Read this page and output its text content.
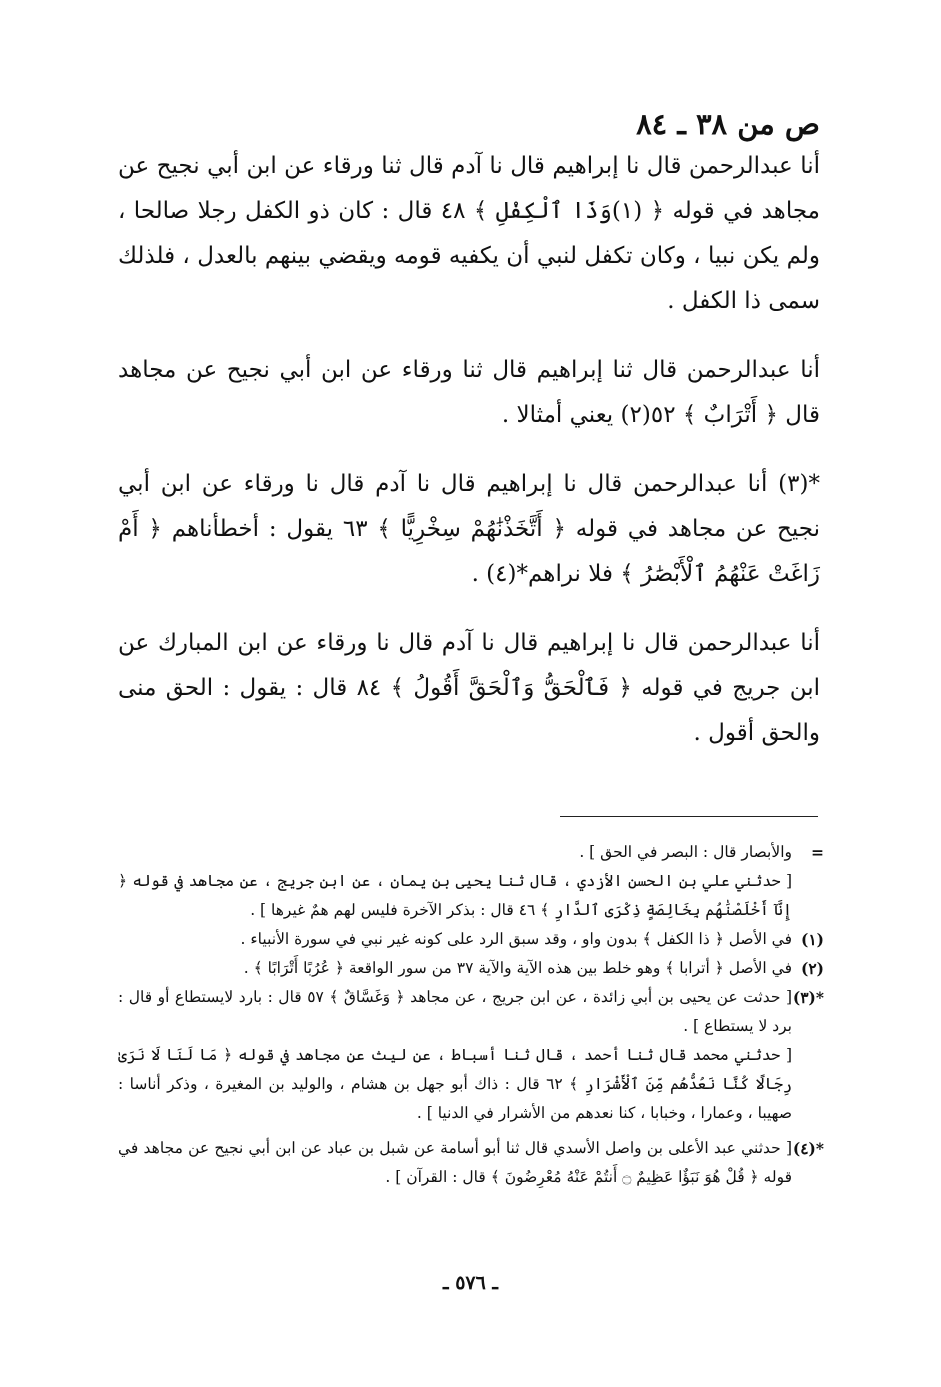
ص من ٣٨ ـ ٨٤

أنا عبدالرحمن قال نا إبراهيم قال نا آدم قال ثنا ورقاء عن ابن أبي نجيح عن مجاهد في قوله ﴿ (١)وَذَا ٱلْكِفْلِ ﴾ ٤٨ قال : كان ذو الكفل رجلا صالحا ، ولم يكن نبيا ، وكان تكفل لنبي أن يكفيه قومه ويقضي بينهم بالعدل ، فلذلك سمى ذا الكفل .

أنا عبدالرحمن قال ثنا إبراهيم قال ثنا ورقاء عن ابن أبي نجيح عن مجاهد قال ﴿ أَتْرَابٌ ﴾ ٥٢(٢) يعني أمثالا .

*(٣) أنا عبدالرحمن قال نا إبراهيم قال نا آدم قال نا ورقاء عن ابن أبي نجيح عن مجاهد في قوله ﴿ أَتَّخَذْنَٰهُمْ سِخْرِيًّا ﴾ ٦٣ يقول : أخطأناهم ﴿ أَمْ زَاغَتْ عَنْهُمُ ٱلْأَبْصَٰرُ ﴾ فلا نراهم*(٤) .

أنا عبدالرحمن قال نا إبراهيم قال نا آدم قال نا ورقاء عن ابن المبارك عن ابن جريج في قوله ﴿ فَٱلْحَقُّ وَٱلْحَقَّ أَقُولُ ﴾ ٨٤ قال : يقول : الحق منى والحق أقول .

=
والأبصار قال : البصر في الحق ] .

[ حدثني علي بن الحسن الأزدي ، قال ثنا يحيى بن يمان ، عن ابن جريج ، عن مجاهد في قوله ﴿ إِنَّآ أَخْلَصْنَٰهُم بِخَالِصَةٍ ذِكْرَى ٱلدَّارِ ﴾ ٤٦ قال : بذكر الآخرة فليس لهم همٌ غيرها ] .

(١)
في الأصل ﴿ ذا الكفل ﴾ بدون واو ، وقد سبق الرد على كونه غير نبي في سورة الأنبياء .

(٢)
في الأصل ﴿ أترابا ﴾ وهو خلط بين هذه الآية والآية ٣٧ من سور الواقعة ﴿ عُرُبًا أَتْرَابًا ﴾ .

*(٣)
[ حدثت عن يحيى بن أبي زائدة ، عن ابن جريج ، عن مجاهد ﴿ وَغَسَّاقٌ ﴾ ٥٧ قال : بارد لايستطاع أو قال : برد لا يستطاع ] .

[ حدثني محمد قال ثنا أحمد ، قال ثنا أسباط ، عن ليث عن مجاهد في قوله ﴿ مَا لَنَا لَا نَرَىٰ رِجَالًا كُنَّا نَعُدُّهُم مِّنَ ٱلْأَشْرَارِ ﴾ ٦٢ قال : ذاك أبو جهل بن هشام ، والوليد بن المغيرة ، وذكر أناسا : صهيبا ، وعمارا ، وخبابا ، كنا نعدهم من الأشرار في الدنيا ] .

*(٤)
[ حدثني عبد الأعلى بن واصل الأسدي قال ثنا أبو أسامة عن شبل بن عباد عن ابن أبي نجيح عن مجاهد في قوله ﴿ قُلْ هُوَ نَبَؤٌا عَظِيمٌ ۝ أَنتُمْ عَنْهُ مُعْرِضُونَ ﴾ قال : القرآن ] .

ـ ٥٧٦ ـ
